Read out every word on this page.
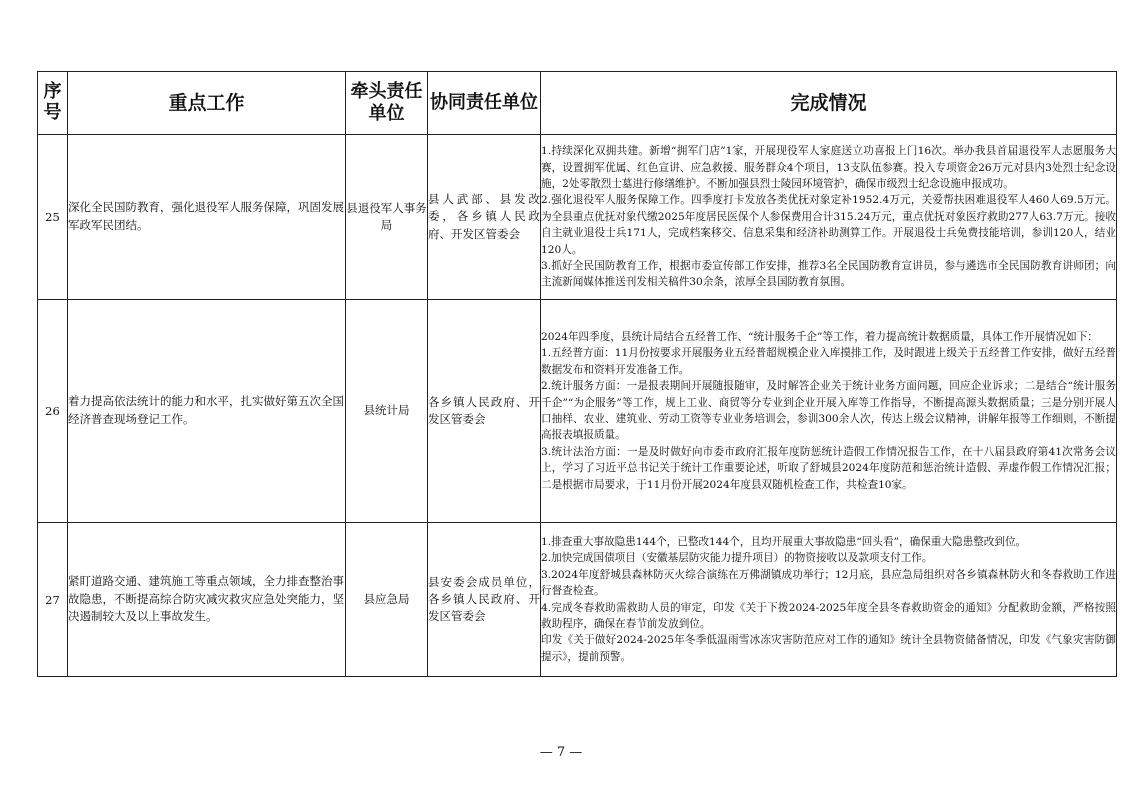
序号	重点工作	牵头责任单位	协同责任单位	完成情况
25	深化全民国防教育，强化退役军人服务保障，巩固发展军政军民团结。	县退役军人事务局	县人武部、县发改委，各乡镇人民政府、开发区管委会	1.持续深化双拥共建。新增“拥军门店”1家，开展现役军人家庭送立功喜报上门16次。举办我县首届退役军人志愿服务大赛，设置拥军优属、红色宣讲、应急救援、服务群众4个项目，13支队伍参赛。投入专项资金26万元对县内3处烈士纪念设施，2处零散烈士墓进行修缮维护。不断加强县烈士陵园环境管护，确保市级烈士纪念设施申报成功。

2.强化退役军人服务保障工作。四季度打卡发放各类优抚对象定补1952.4万元，关爱帮扶困难退役军人460人69.5万元。为全县重点优抚对象代缴2025年度居民医保个人参保费用合计315.24万元，重点优抚对象医疗救助277人63.7万元。接收自主就业退役士兵171人，完成档案移交、信息采集和经济补助测算工作。开展退役士兵免费技能培训，参训120人，结业120人。

3.抓好全民国防教育工作，根据市委宣传部工作安排，推荐3名全民国防教育宣讲员，参与遴选市全民国防教育讲师团；向主流新闻媒体推送刊发相关稿件30余条，浓厚全县国防教育氛围。

26	着力提高依法统计的能力和水平，扎实做好第五次全国经济普查现场登记工作。	县统计局	各乡镇人民政府、开发区管委会	2024年四季度，县统计局结合五经普工作、“统计服务千企”等工作，着力提高统计数据质量，具体工作开展情况如下：

1.五经普方面：11月份按要求开展服务业五经普超规模企业入库摸排工作，及时跟进上级关于五经普工作安排，做好五经普数据发布和资料开发准备工作。

2.统计服务方面：一是报表期间开展随报随审，及时解答企业关于统计业务方面问题，回应企业诉求；二是结合“统计服务千企”“为企服务”等工作，规上工业、商贸等分专业到企业开展入库等工作指导，不断提高源头数据质量；三是分别开展人口抽样、农业、建筑业、劳动工资等专业业务培训会，参训300余人次，传达上级会议精神，讲解年报等工作细则，不断提高报表填报质量。

3.统计法治方面：一是及时做好向市委市政府汇报年度防惩统计造假工作情况报告工作，在十八届县政府第41次常务会议上，学习了习近平总书记关于统计工作重要论述，听取了舒城县2024年度防范和惩治统计造假、弄虚作假工作情况汇报；二是根据市局要求，于11月份开展2024年度县双随机检查工作，共检查10家。

27	紧盯道路交通、建筑施工等重点领域，全力排查整治事故隐患，不断提高综合防灾减灾救灾应急处突能力，坚决遏制较大及以上事故发生。	县应急局	县安委会成员单位，各乡镇人民政府、开发区管委会	1.排查重大事故隐患144个，已整改144个，且均开展重大事故隐患“回头看”，确保重大隐患整改到位。

2.加快完成国债项目（安徽基层防灾能力提升项目）的物资接收以及款项支付工作。

3.2024年度舒城县森林防灭火综合演练在万佛湖镇成功举行；12月底，县应急局组织对各乡镇森林防火和冬春救助工作进行督查检查。

4.完成冬春救助需救助人员的审定，印发《关于下拨2024-2025年度全县冬春救助资金的通知》分配救助金额，严格按照救助程序，确保在春节前发放到位。

印发《关于做好2024-2025年冬季低温雨雪冰冻灾害防范应对工作的通知》统计全县物资储备情况，印发《气象灾害防御提示》，提前预警。

— 7 —
